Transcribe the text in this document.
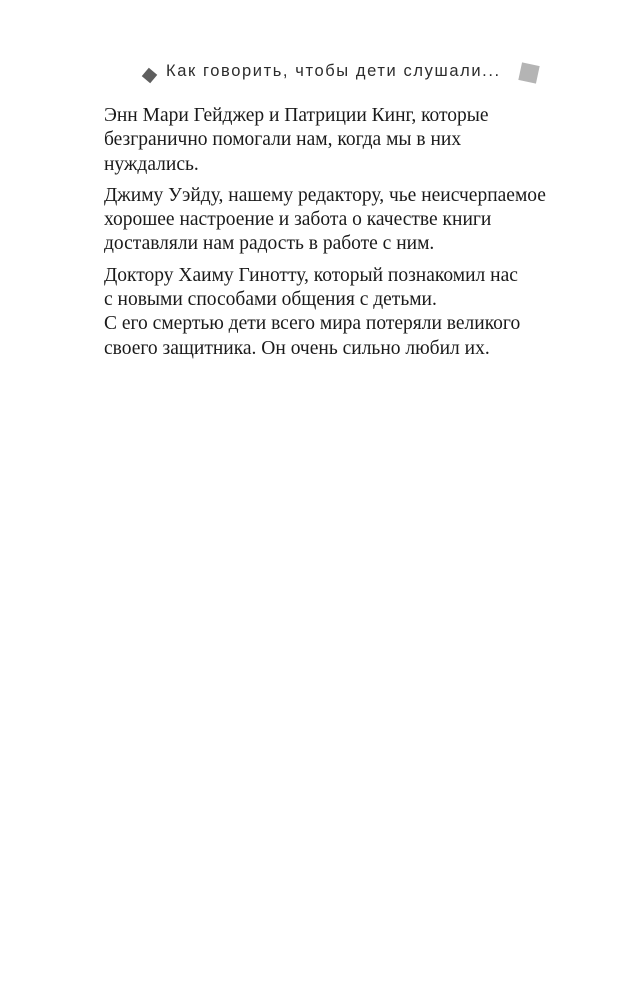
Как говорить, чтобы дети слушали...

Энн Мари Гейджер и Патриции Кинг, которые
безгранично помогали нам, когда мы в них
нуждались.

Джиму Уэйду, нашему редактору, чье неисчерпаемое
хорошее настроение и забота о качестве книги
доставляли нам радость в работе с ним.

Доктору Хаиму Гинотту, который познакомил нас
с новыми способами общения с детьми.
С его смертью дети всего мира потеряли великого
своего защитника. Он очень сильно любил их.
